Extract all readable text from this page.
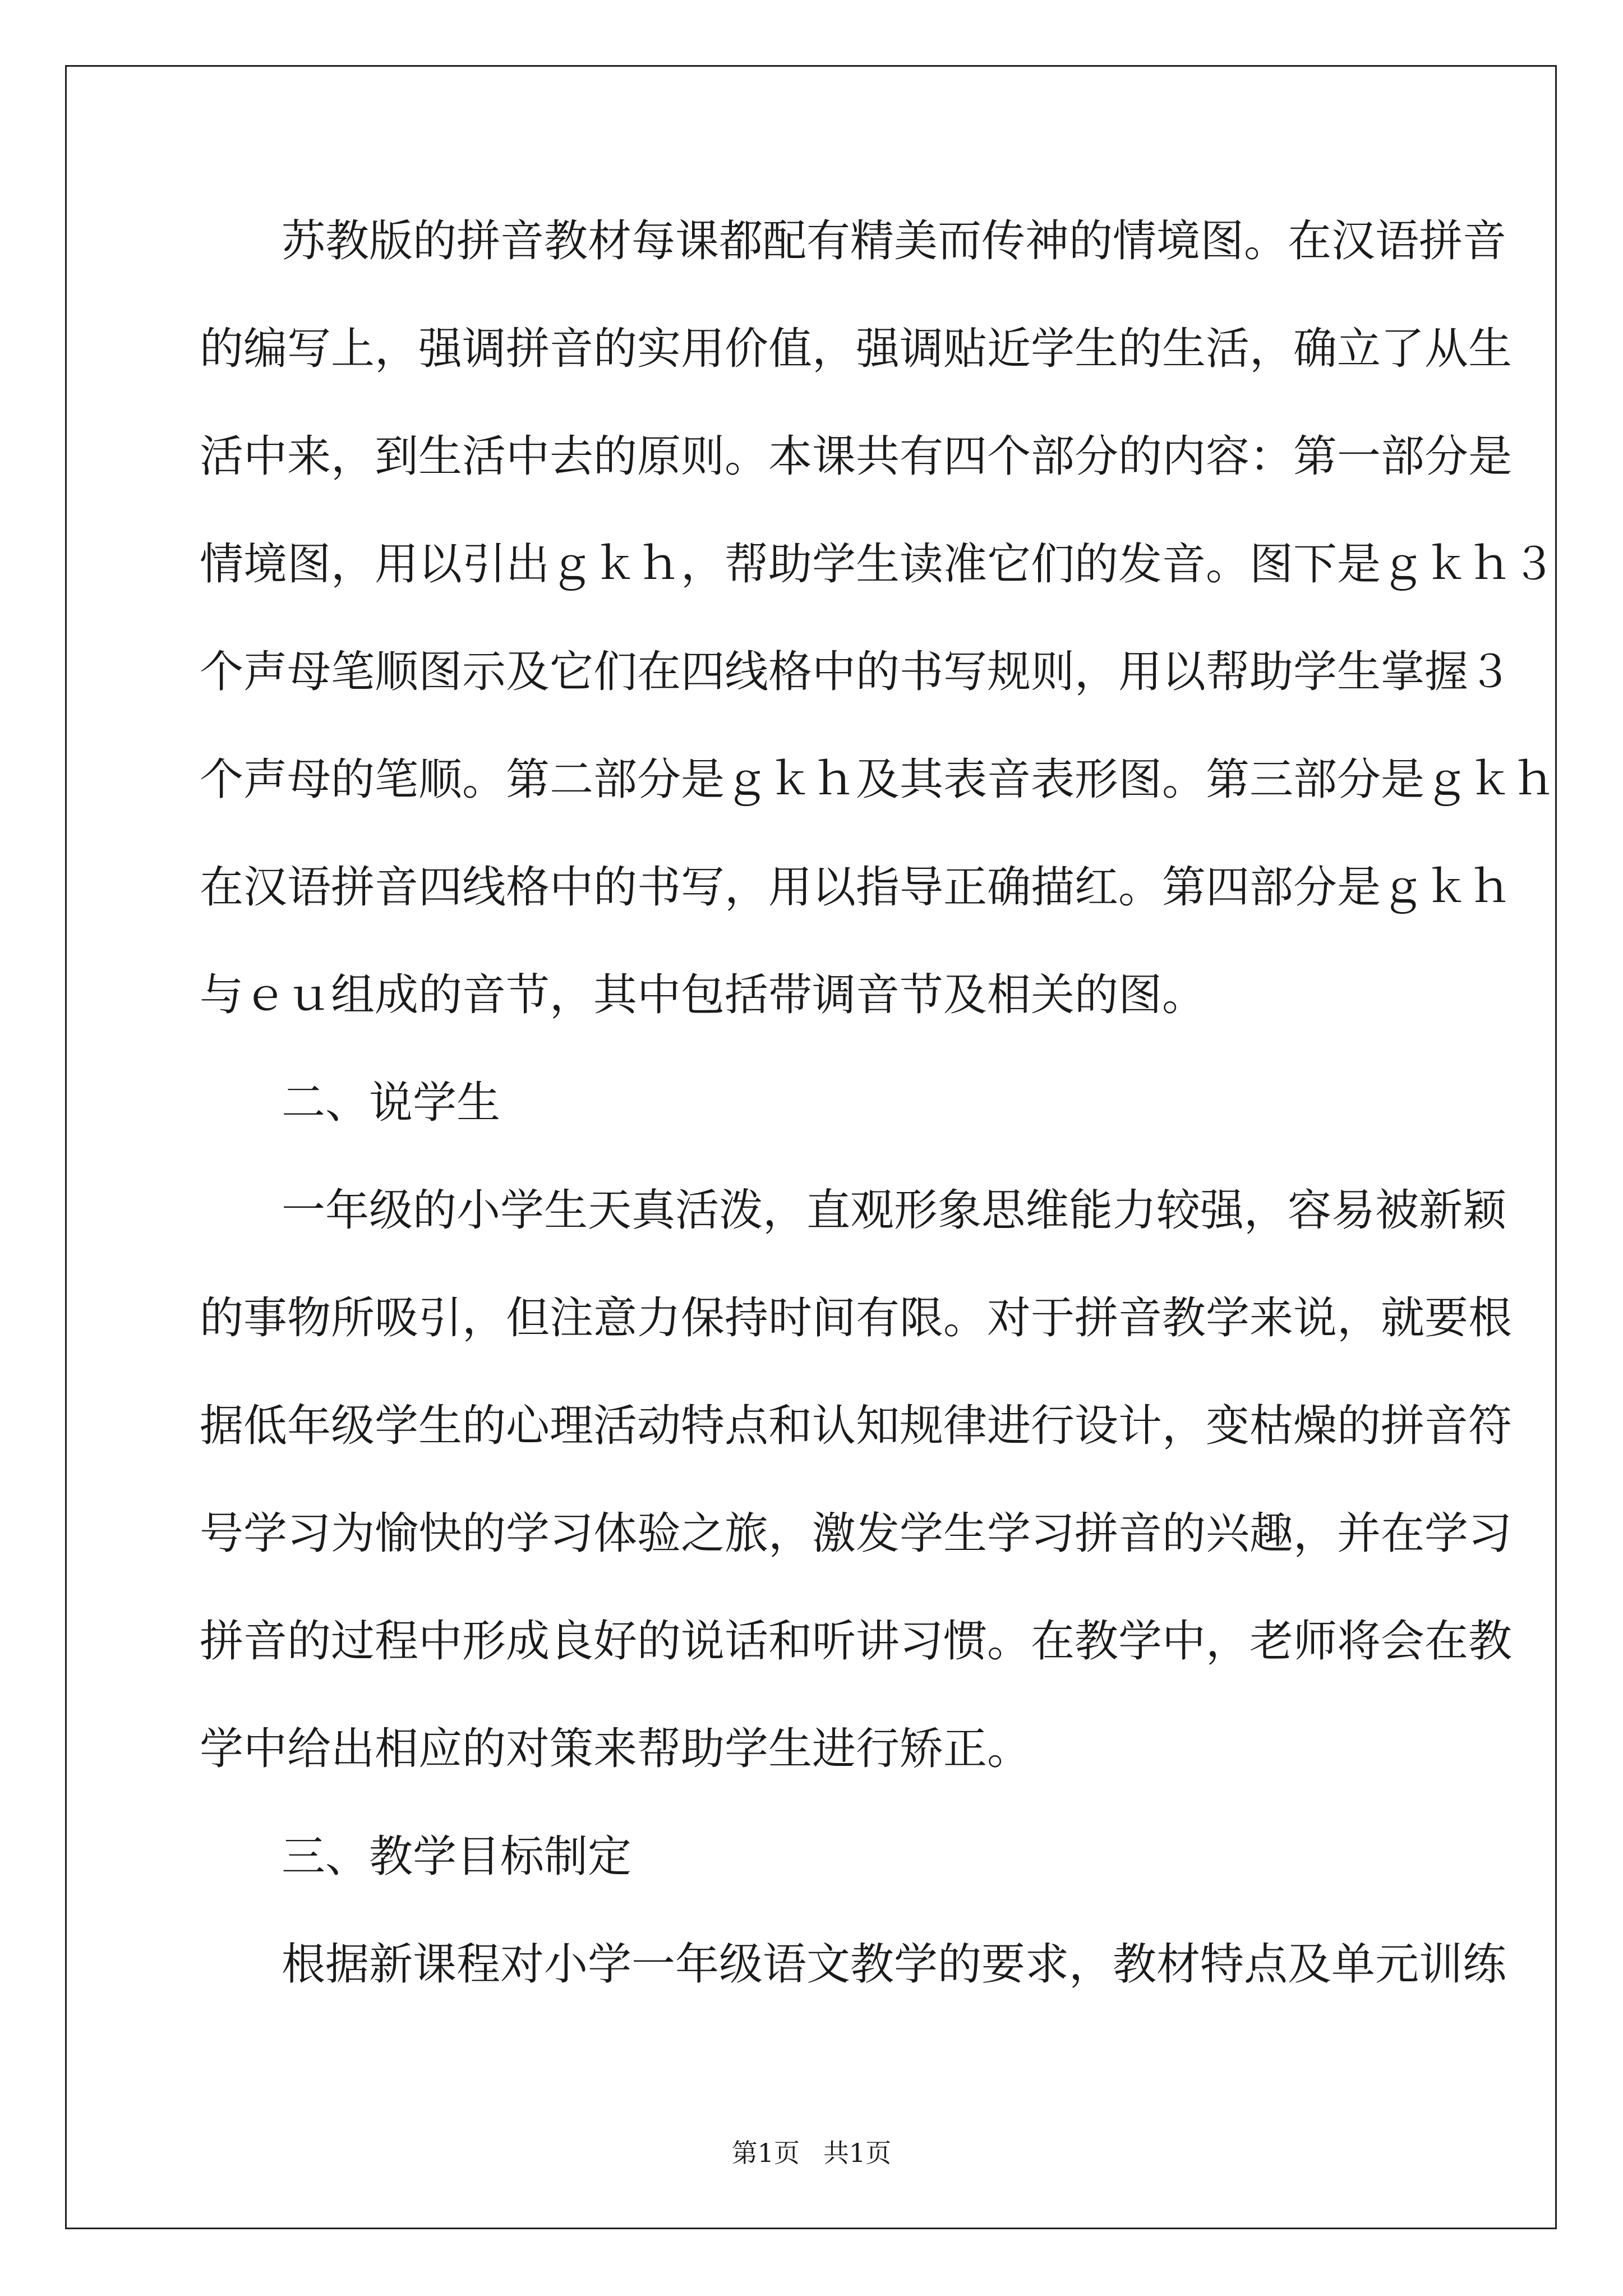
苏教版的拼音教材每课都配有精美而传神的情境图。在汉语拼音
的编写上，强调拼音的实用价值，强调贴近学生的生活，确立了从生
活中来，到生活中去的原则。本课共有四个部分的内容：第一部分是
情境图，用以引出ｇｋｈ，帮助学生读准它们的发音。图下是ｇｋｈ３
个声母笔顺图示及它们在四线格中的书写规则，用以帮助学生掌握３
个声母的笔顺。第二部分是ｇｋｈ及其表音表形图。第三部分是ｇｋｈ
在汉语拼音四线格中的书写，用以指导正确描红。第四部分是ｇｋｈ
与ｅｕ组成的音节，其中包括带调音节及相关的图。
二、说学生
一年级的小学生天真活泼，直观形象思维能力较强，容易被新颖
的事物所吸引，但注意力保持时间有限。对于拼音教学来说，就要根
据低年级学生的心理活动特点和认知规律进行设计，变枯燥的拼音符
号学习为愉快的学习体验之旅，激发学生学习拼音的兴趣，并在学习
拼音的过程中形成良好的说话和听讲习惯。在教学中，老师将会在教
学中给出相应的对策来帮助学生进行矫正。
三、教学目标制定
根据新课程对小学一年级语文教学的要求，教材特点及单元训练
第1页 共1页
